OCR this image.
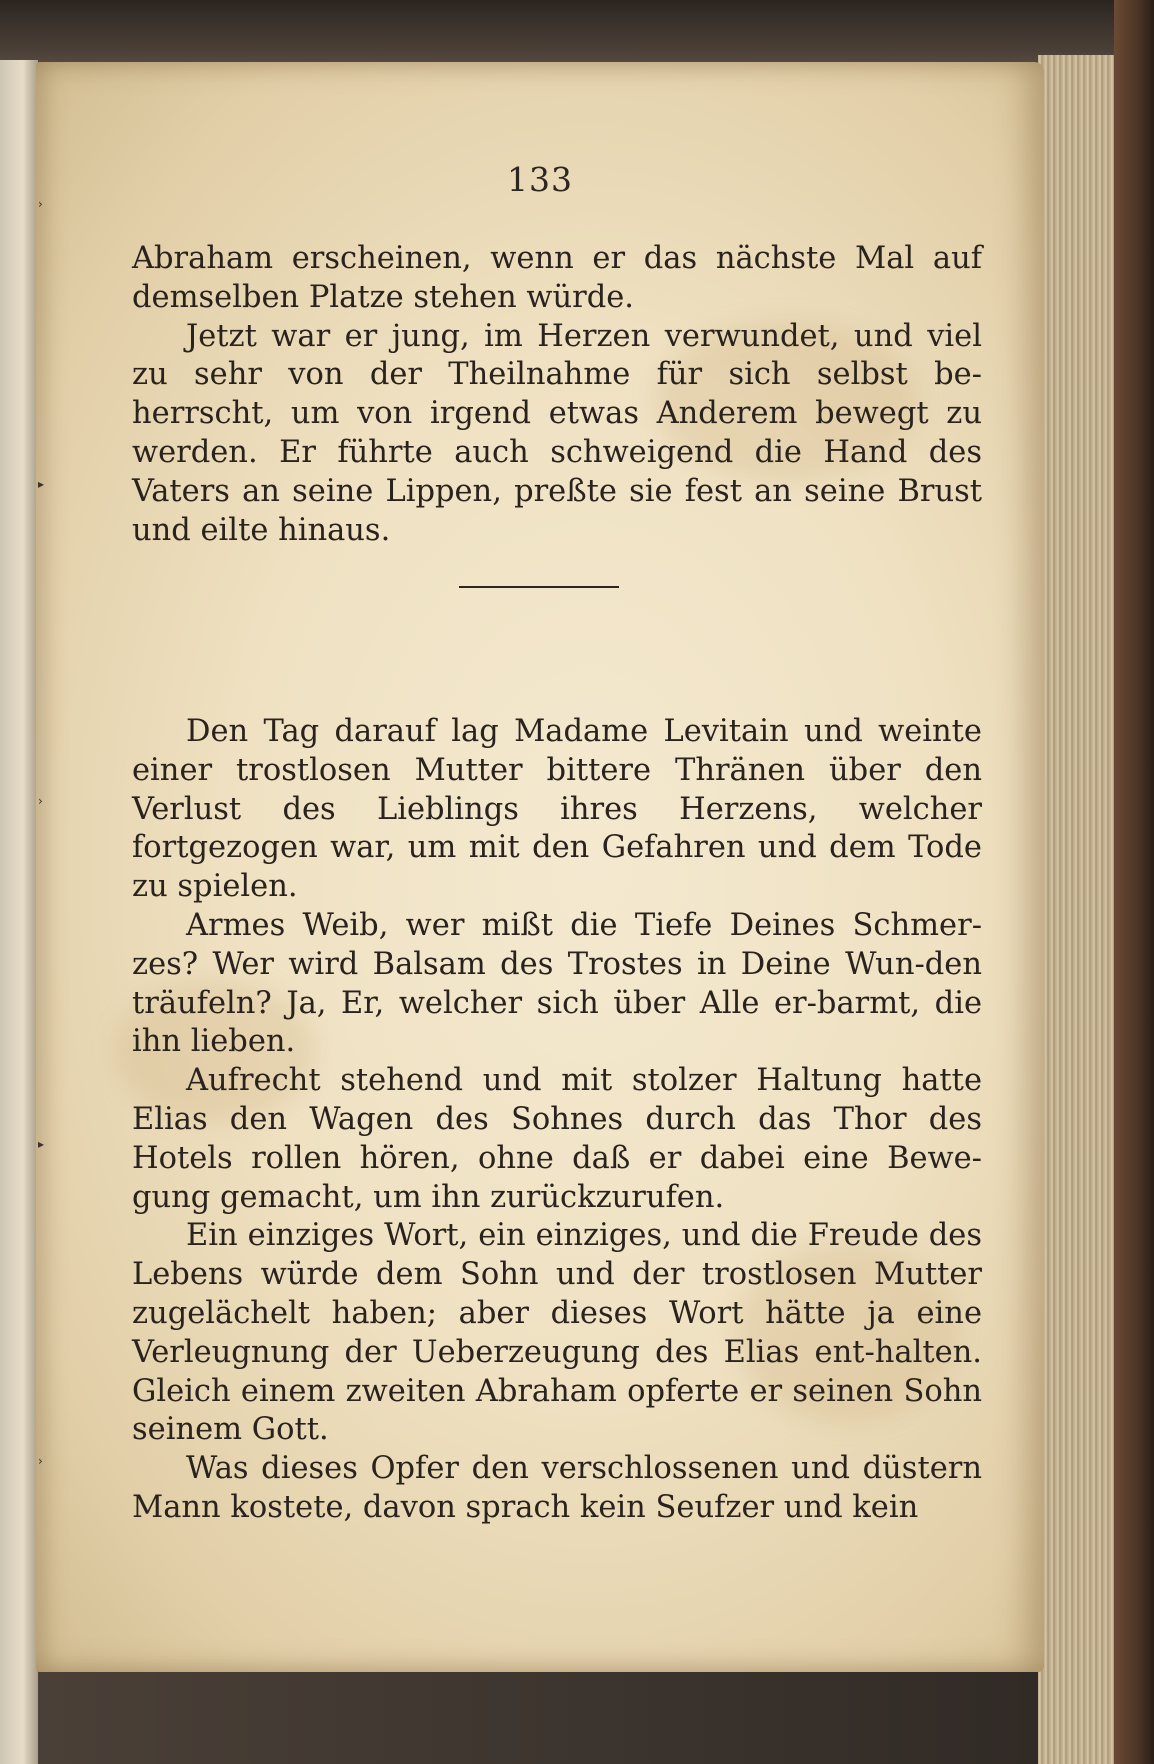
133

Abraham erscheinen, wenn er das nächste Mal auf demselben Platze stehen würde.

Jetzt war er jung, im Herzen verwundet, und viel zu sehr von der Theilnahme für sich selbst be-herrscht, um von irgend etwas Anderem bewegt zu werden. Er führte auch schweigend die Hand des Vaters an seine Lippen, preßte sie fest an seine Brust und eilte hinaus.

Den Tag darauf lag Madame Levitain und weinte einer trostlosen Mutter bittere Thränen über den Verlust des Lieblings ihres Herzens, welcher fortgezogen war, um mit den Gefahren und dem Tode zu spielen.

Armes Weib, wer mißt die Tiefe Deines Schmer-zes? Wer wird Balsam des Trostes in Deine Wun-den träufeln? Ja, Er, welcher sich über Alle er-barmt, die ihn lieben.

Aufrecht stehend und mit stolzer Haltung hatte Elias den Wagen des Sohnes durch das Thor des Hotels rollen hören, ohne daß er dabei eine Bewe-gung gemacht, um ihn zurückzurufen.

Ein einziges Wort, ein einziges, und die Freude des Lebens würde dem Sohn und der trostlosen Mutter zugelächelt haben; aber dieses Wort hätte ja eine Verleugnung der Ueberzeugung des Elias ent-halten. Gleich einem zweiten Abraham opferte er seinen Sohn seinem Gott.

Was dieses Opfer den verschlossenen und düstern Mann kostete, davon sprach kein Seufzer und kein

›
▸
›
▸
›
